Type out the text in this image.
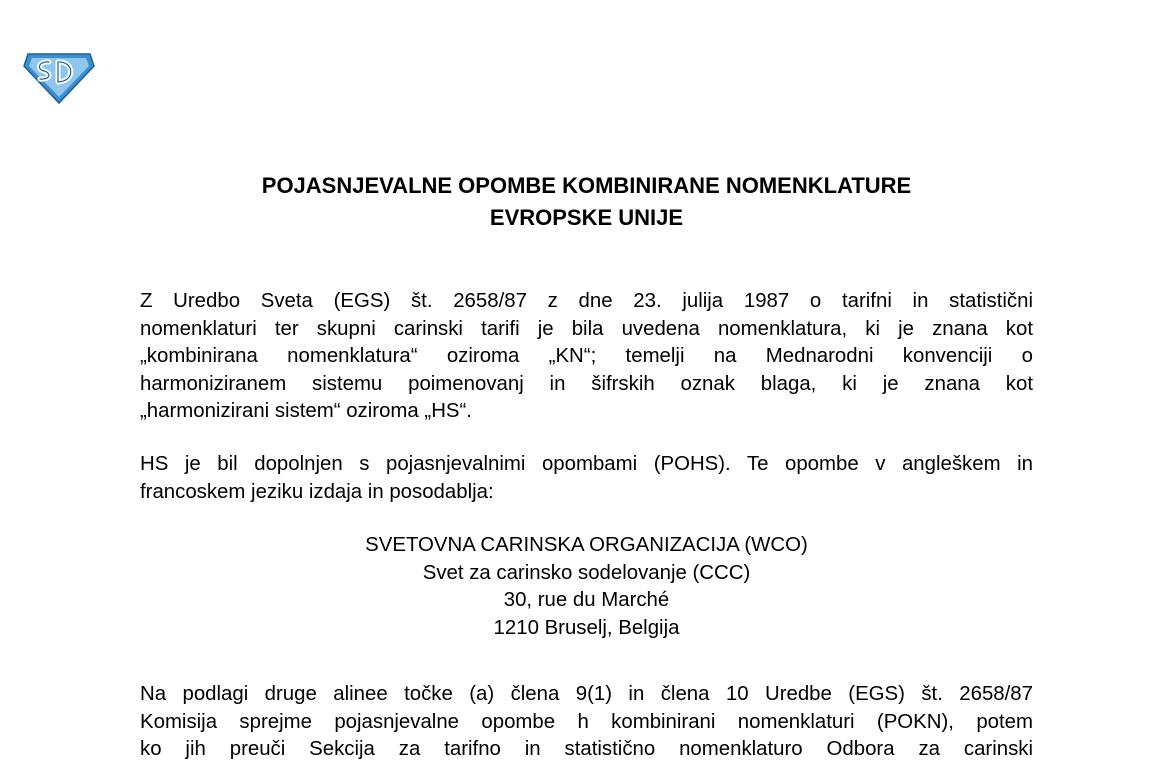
POJASNJEVALNE OPOMBE KOMBINIRANE NOMENKLATURE
EVROPSKE UNIJE
Z Uredbo Sveta (EGS) št. 2658/87 z dne 23. julija 1987 o tarifni in statistični
nomenklaturi ter skupni carinski tarifi je bila uvedena nomenklatura, ki je znana kot
„kombinirana nomenklatura“ oziroma „KN“; temelji na Mednarodni konvenciji o
harmoniziranem sistemu poimenovanj in šifrskih oznak blaga, ki je znana kot
„harmonizirani sistem“ oziroma „HS“.
HS je bil dopolnjen s pojasnjevalnimi opombami (POHS). Te opombe v angleškem in
francoskem jeziku izdaja in posodablja:
SVETOVNA CARINSKA ORGANIZACIJA (WCO)
Svet za carinsko sodelovanje (CCC)
30, rue du Marché
1210 Bruselj, Belgija
Na podlagi druge alinee točke (a) člena 9(1) in člena 10 Uredbe (EGS) št. 2658/87
Komisija sprejme pojasnjevalne opombe h kombinirani nomenklaturi (POKN), potem
ko jih preuči Sekcija za tarifno in statistično nomenklaturo Odbora za carinski
